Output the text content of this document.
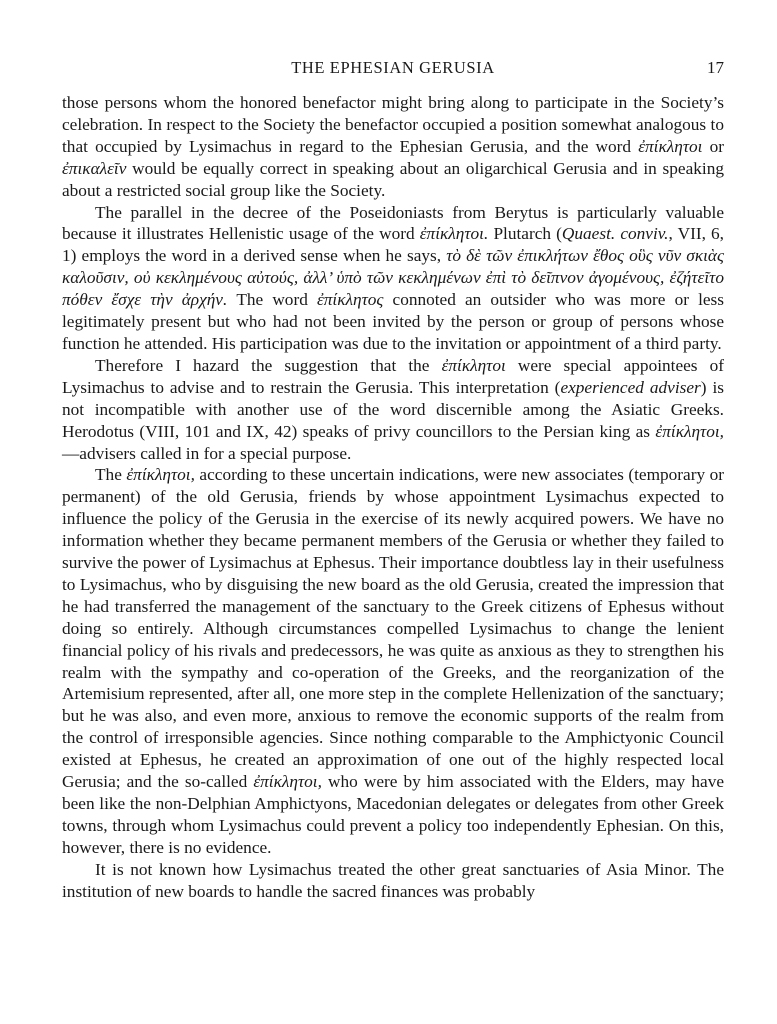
THE EPHESIAN GERUSIA	17

those persons whom the honored benefactor might bring along to participate in the Society’s celebration. In respect to the Society the benefactor occupied a position somewhat analogous to that occupied by Lysimachus in regard to the Ephesian Gerusia, and the word ἐπίκλητοι or ἐπικαλεῖν would be equally correct in speaking about an oligarchical Gerusia and in speaking about a restricted social group like the Society.

The parallel in the decree of the Poseidoniasts from Berytus is particularly valuable because it illustrates Hellenistic usage of the word ἐπίκλητοι. Plutarch (Quaest. conviv., VII, 6, 1) employs the word in a derived sense when he says, τὸ δὲ τῶν ἐπικλήτων ἔθος οὓς νῦν σκιὰς καλοῦσιν, οὐ κεκλημένους αὐτούς, ἀλλ’ ὑπὸ τῶν κεκλημένων ἐπὶ τὸ δεῖπνον ἀγομένους, ἐζήτεῖτο πόθεν ἔσχε τὴν ἀρχήν. The word ἐπίκλητος connoted an outsider who was more or less legitimately present but who had not been invited by the person or group of persons whose function he attended. His participation was due to the invitation or appointment of a third party.

Therefore I hazard the suggestion that the ἐπίκλητοι were special appointees of Lysimachus to advise and to restrain the Gerusia. This interpretation (experienced adviser) is not incompatible with another use of the word discernible among the Asiatic Greeks. Herodotus (VIII, 101 and IX, 42) speaks of privy councillors to the Persian king as ἐπίκλητοι,—advisers called in for a special purpose.

The ἐπίκλητοι, according to these uncertain indications, were new associates (temporary or permanent) of the old Gerusia, friends by whose appointment Lysimachus expected to influence the policy of the Gerusia in the exercise of its newly acquired powers. We have no information whether they became permanent members of the Gerusia or whether they failed to survive the power of Lysimachus at Ephesus. Their importance doubtless lay in their usefulness to Lysimachus, who by disguising the new board as the old Gerusia, created the impression that he had transferred the management of the sanctuary to the Greek citizens of Ephesus without doing so entirely. Although circumstances compelled Lysimachus to change the lenient financial policy of his rivals and predecessors, he was quite as anxious as they to strengthen his realm with the sympathy and co-operation of the Greeks, and the reorganization of the Artemisium represented, after all, one more step in the complete Hellenization of the sanctuary; but he was also, and even more, anxious to remove the economic supports of the realm from the control of irresponsible agencies. Since nothing comparable to the Amphictyonic Council existed at Ephesus, he created an approximation of one out of the highly respected local Gerusia; and the so-called ἐπίκλητοι, who were by him associated with the Elders, may have been like the non-Delphian Amphictyons, Macedonian delegates or delegates from other Greek towns, through whom Lysimachus could prevent a policy too independently Ephesian. On this, however, there is no evidence.

It is not known how Lysimachus treated the other great sanctuaries of Asia Minor. The institution of new boards to handle the sacred finances was probably
